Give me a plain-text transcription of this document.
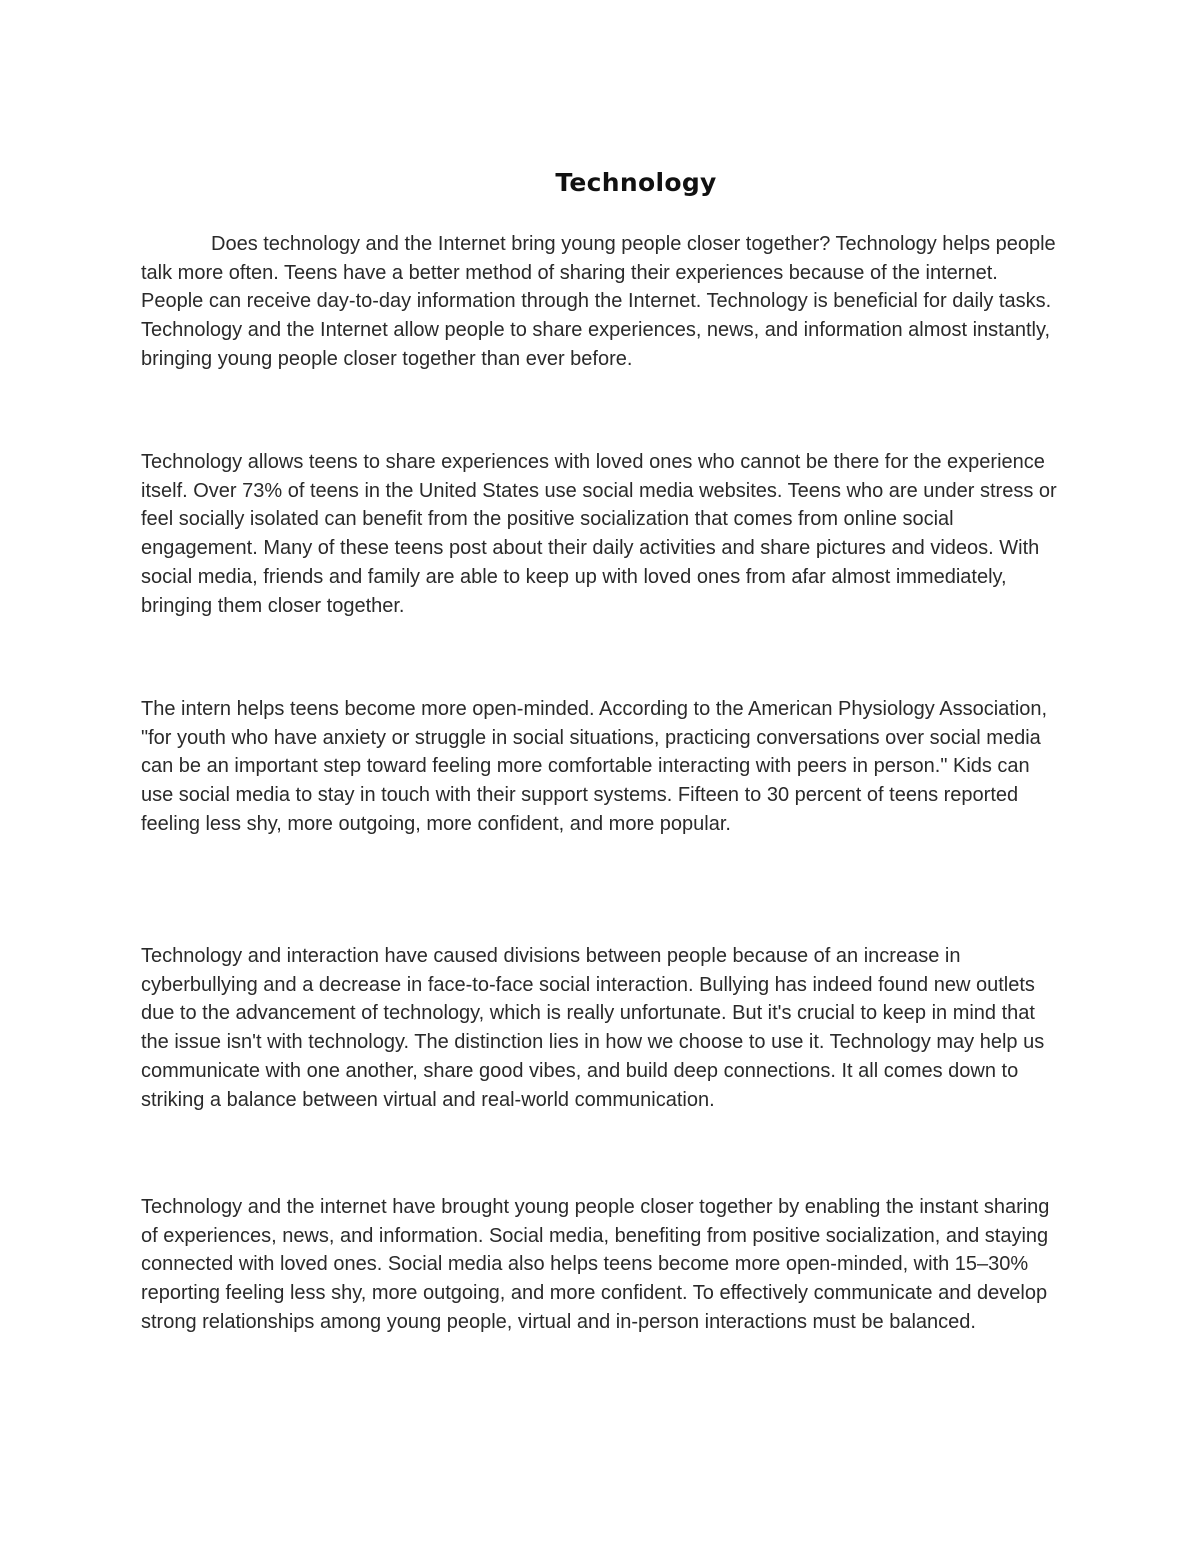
Technology

Does technology and the Internet bring young people closer together? Technology helps people talk more often. Teens have a better method of sharing their experiences because of the internet. People can receive day-to-day information through the Internet. Technology is beneficial for daily tasks. Technology and the Internet allow people to share experiences, news, and information almost instantly, bringing young people closer together than ever before.

Technology allows teens to share experiences with loved ones who cannot be there for the experience itself. Over 73% of teens in the United States use social media websites. Teens who are under stress or feel socially isolated can benefit from the positive socialization that comes from online social engagement. Many of these teens post about their daily activities and share pictures and videos. With social media, friends and family are able to keep up with loved ones from afar almost immediately, bringing them closer together.

The intern helps teens become more open-minded. According to the American Physiology Association, "for youth who have anxiety or struggle in social situations, practicing conversations over social media can be an important step toward feeling more comfortable interacting with peers in person." Kids can use social media to stay in touch with their support systems. Fifteen to 30 percent of teens reported feeling less shy, more outgoing, more confident, and more popular.

Technology and interaction have caused divisions between people because of an increase in cyberbullying and a decrease in face-to-face social interaction. Bullying has indeed found new outlets due to the advancement of technology, which is really unfortunate. But it's crucial to keep in mind that the issue isn't with technology. The distinction lies in how we choose to use it. Technology may help us communicate with one another, share good vibes, and build deep connections. It all comes down to striking a balance between virtual and real-world communication.

Technology and the internet have brought young people closer together by enabling the instant sharing of experiences, news, and information. Social media, benefiting from positive socialization, and staying connected with loved ones. Social media also helps teens become more open-minded, with 15–30% reporting feeling less shy, more outgoing, and more confident. To effectively communicate and develop strong relationships among young people, virtual and in-person interactions must be balanced.
